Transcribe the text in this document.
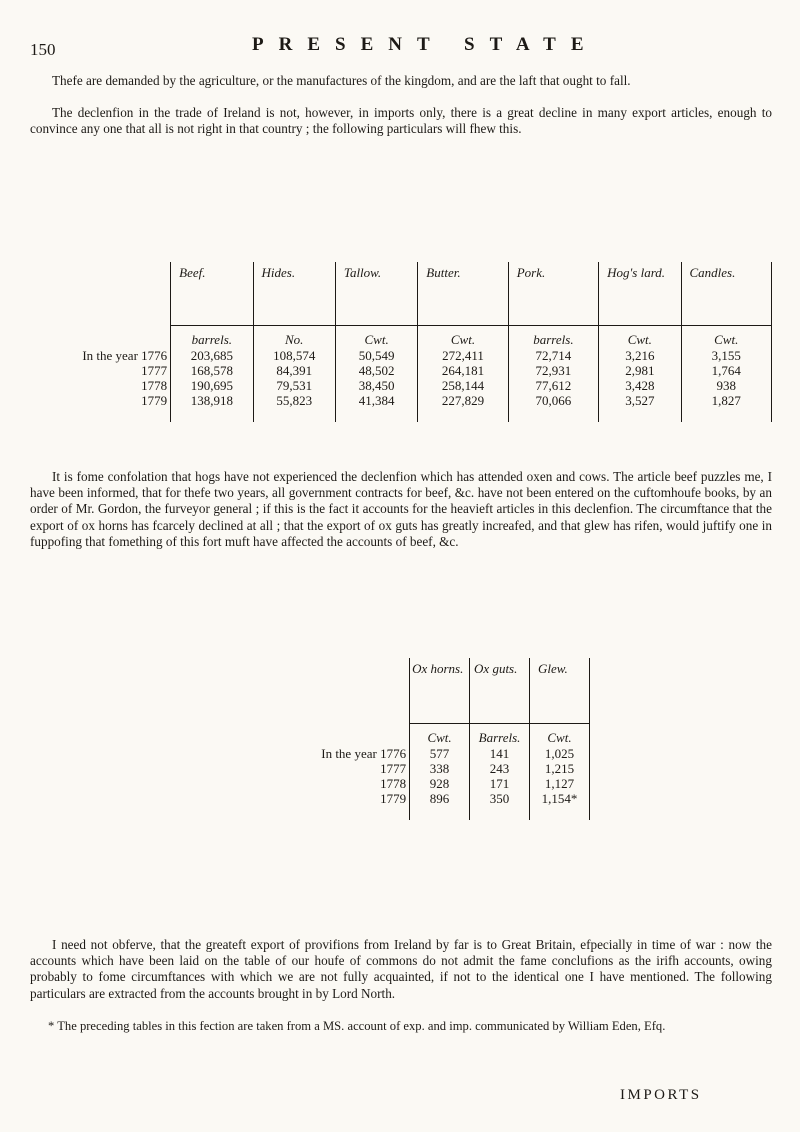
150	PRESENT STATE

Thefe are demanded by the agriculture, or the manufactures of the kingdom, and are the laft that ought to fall.

The declenfion in the trade of Ireland is not, however, in imports only, there is a great decline in many export articles, enough to convince any one that all is not right in that country ; the following particulars will fhew this.

	Beef.	Hides.	Tallow.	Butter.	Pork.	Hog's lard.	Candles.
	barrels.	No.	Cwt.	Cwt.	barrels.	Cwt.	Cwt.
In the year 1776	203,685	108,574	50,549	272,411	72,714	3,216	3,155
1777	168,578	84,391	48,502	264,181	72,931	2,981	1,764
1778	190,695	79,531	38,450	258,144	77,612	3,428	938
1779	138,918	55,823	41,384	227,829	70,066	3,527	1,827

It is fome confolation that hogs have not experienced the declenfion which has attended oxen and cows. The article beef puzzles me, I have been informed, that for thefe two years, all government contracts for beef, &c. have not been entered on the cuftomhoufe books, by an order of Mr. Gordon, the furveyor general ; if this is the fact it accounts for the heavieft articles in this declenfion. The circumftance that the export of ox horns has fcarcely declined at all ; that the export of ox guts has greatly increafed, and that glew has rifen, would juftify one in fuppofing that fomething of this fort muft have affected the accounts of beef, &c.

	Ox horns.	Ox guts.	Glew.
	Cwt.	Barrels.	Cwt.
In the year 1776	577	141	1,025
1777	338	243	1,215
1778	928	171	1,127
1779	896	350	1,154*

I need not obferve, that the greateft export of provifions from Ireland by far is to Great Britain, efpecially in time of war : now the accounts which have been laid on the table of our houfe of commons do not admit the fame conclufions as the irifh accounts, owing probably to fome circumftances with which we are not fully acquainted, if not to the identical one I have mentioned. The following particulars are extracted from the accounts brought in by Lord North.

* The preceding tables in this fection are taken from a MS. account of exp. and imp. communicated by William Eden, Efq.

IMPORTS
